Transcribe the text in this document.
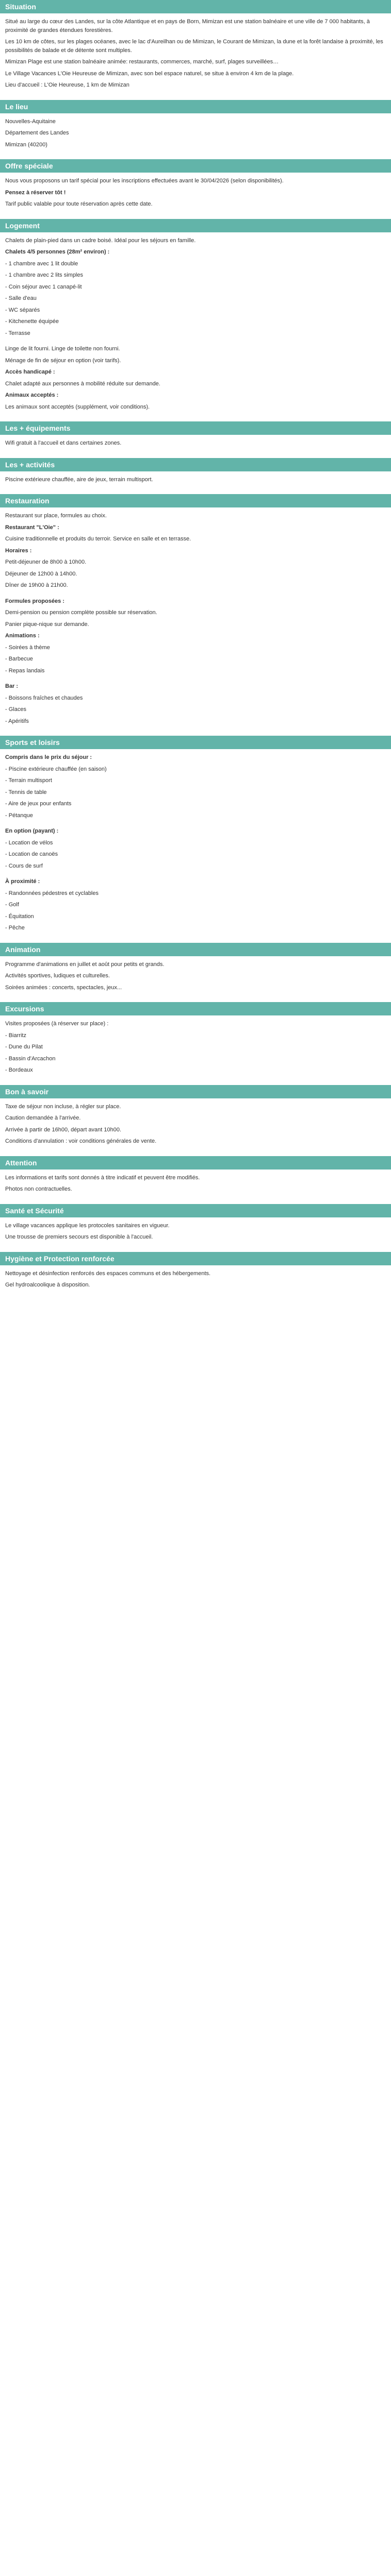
Situation

Situé au large du cœur des Landes, sur la côte Atlantique et en pays de Born, Mimizan est une station balnéaire et une ville de 7 000 habitants, à proximité de grandes étendues forestières.

Les 10 km de côtes, sur les plages océanes, avec le lac d'Aureilhan ou de Mimizan, le Courant de Mimizan, la dune et la forêt landaise à proximité, les possibilités de balade et de détente sont multiples.

Mimizan Plage est une station balnéaire animée: restaurants, commerces, marché, surf, plages surveillées…

Le Village Vacances L'Oie Heureuse de Mimizan, avec son bel espace naturel, se situe à environ 4 km de la plage.

Lieu d'accueil : L'Oie Heureuse, 1 km de Mimizan

Le lieu

Nouvelles-Aquitaine

Département des Landes

Mimizan (40200)

Offre spéciale

Nous vous proposons un tarif spécial pour les inscriptions effectuées avant le 30/04/2026 (selon disponibilités).

Pensez à réserver tôt !

Tarif public valable pour toute réservation après cette date.

Logement

Chalets de plain-pied dans un cadre boisé. Idéal pour les séjours en famille.

Chalets 4/5 personnes (28m² environ) :

- 1 chambre avec 1 lit double

- 1 chambre avec 2 lits simples

- Coin séjour avec 1 canapé-lit

- Salle d'eau

- WC séparés

- Kitchenette équipée

- Terrasse

Linge de lit fourni. Linge de toilette non fourni.

Ménage de fin de séjour en option (voir tarifs).

Accès handicapé :

Chalet adapté aux personnes à mobilité réduite sur demande.

Animaux acceptés :

Les animaux sont acceptés (supplément, voir conditions).

Les + équipements

Wifi gratuit à l'accueil et dans certaines zones.

Les + activités

Piscine extérieure chauffée, aire de jeux, terrain multisport.

Restauration

Restaurant sur place, formules au choix.

Restaurant "L'Oie" :

Cuisine traditionnelle et produits du terroir. Service en salle et en terrasse.

Horaires :

Petit-déjeuner de 8h00 à 10h00.

Déjeuner de 12h00 à 14h00.

Dîner de 19h00 à 21h00.

Formules proposées :

Demi-pension ou pension complète possible sur réservation.

Panier pique-nique sur demande.

Animations :

- Soirées à thème

- Barbecue

- Repas landais

Bar :

- Boissons fraîches et chaudes

- Glaces

- Apéritifs

Sports et loisirs

Compris dans le prix du séjour :

- Piscine extérieure chauffée (en saison)

- Terrain multisport

- Tennis de table

- Aire de jeux pour enfants

- Pétanque

En option (payant) :

- Location de vélos

- Location de canoës

- Cours de surf

À proximité :

- Randonnées pédestres et cyclables

- Golf

- Équitation

- Pêche

Animation

Programme d'animations en juillet et août pour petits et grands.

Activités sportives, ludiques et culturelles.

Soirées animées : concerts, spectacles, jeux...

Excursions

Visites proposées (à réserver sur place) :

- Biarritz

- Dune du Pilat

- Bassin d'Arcachon

- Bordeaux

Bon à savoir

Taxe de séjour non incluse, à régler sur place.

Caution demandée à l'arrivée.

Arrivée à partir de 16h00, départ avant 10h00.

Conditions d'annulation : voir conditions générales de vente.

Attention

Les informations et tarifs sont donnés à titre indicatif et peuvent être modifiés.

Photos non contractuelles.

Santé et Sécurité

Le village vacances applique les protocoles sanitaires en vigueur.

Une trousse de premiers secours est disponible à l'accueil.

Hygiène et Protection renforcée

Nettoyage et désinfection renforcés des espaces communs et des hébergements.

Gel hydroalcoolique à disposition.
